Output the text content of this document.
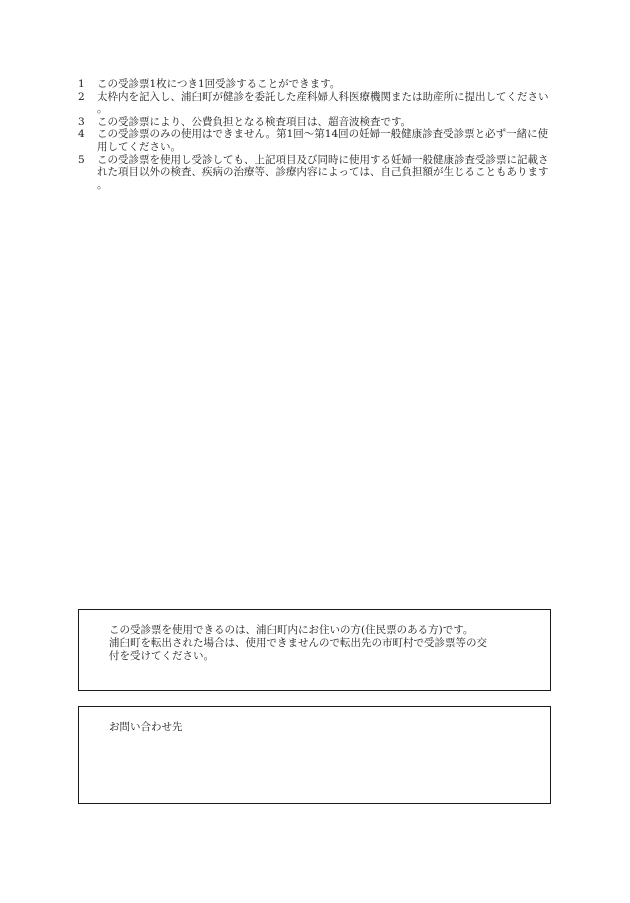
1	この受診票1枚につき1回受診することができます。
2	太枠内を記入し、浦臼町が健診を委託した産科婦人科医療機関または助産所に提出してください。
3	この受診票により、公費負担となる検査項目は、超音波検査です。
4	この受診票のみの使用はできません。第1回〜第14回の妊婦一般健康診査受診票と必ず一緒に使用してください。
5	この受診票を使用し受診しても、上記項目及び同時に使用する妊婦一般健康診査受診票に記載された項目以外の検査、疾病の治療等、診療内容によっては、自己負担額が生じることもあります。

この受診票を使用できるのは、浦臼町内にお住いの方(住民票のある方)です。

浦臼町を転出された場合は、使用できませんので転出先の市町村で受診票等の交付を受けてください。

お問い合わせ先
